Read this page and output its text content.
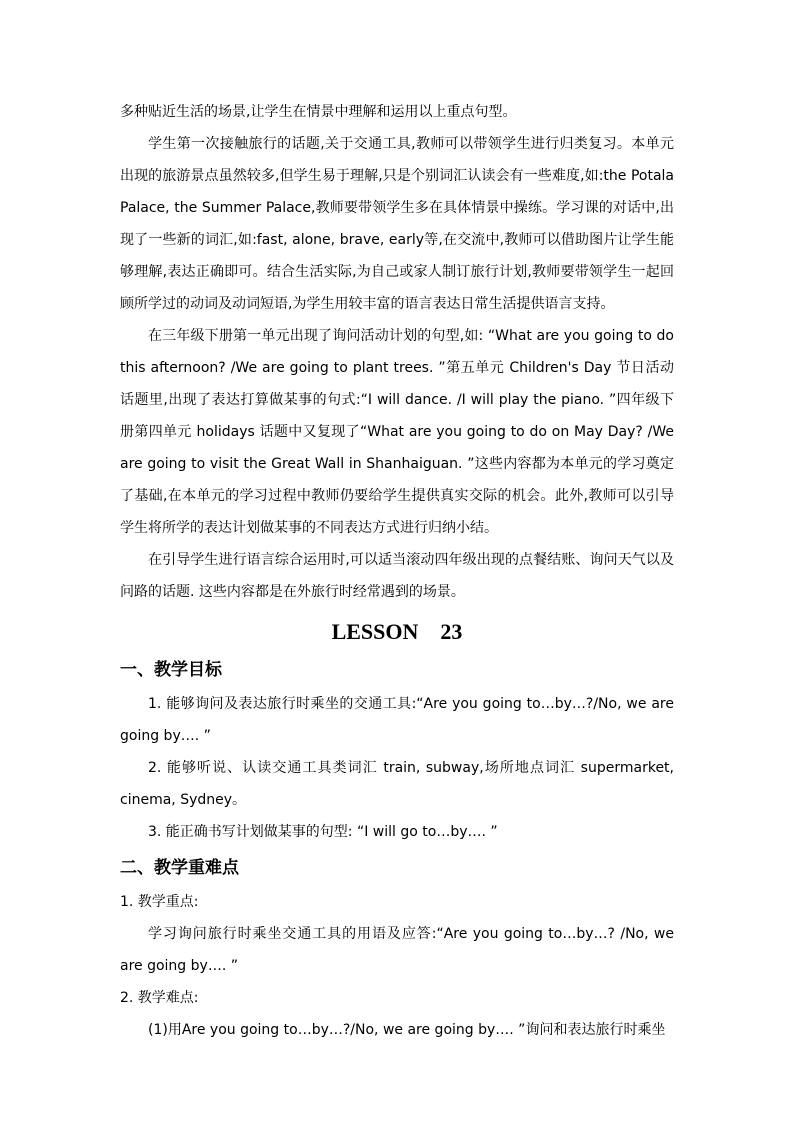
多种贴近生活的场景,让学生在情景中理解和运用以上重点句型。

学生第一次接触旅行的话题,关于交通工具,教师可以带领学生进行归类复习。本单元出现的旅游景点虽然较多,但学生易于理解,只是个别词汇认读会有一些难度,如:the Potala Palace, the Summer Palace,教师要带领学生多在具体情景中操练。学习课的对话中,出现了一些新的词汇,如:fast, alone, brave, early等,在交流中,教师可以借助图片让学生能够理解,表达正确即可。结合生活实际,为自己或家人制订旅行计划,教师要带领学生一起回顾所学过的动词及动词短语,为学生用较丰富的语言表达日常生活提供语言支持。

在三年级下册第一单元出现了询问活动计划的句型,如: “What are you going to do this afternoon? /We are going to plant trees. ”第五单元 Children's Day 节日活动话题里,出现了表达打算做某事的句式:“I will dance. /I will play the piano. ”四年级下册第四单元 holidays 话题中又复现了“What are you going to do on May Day? /We are going to visit the Great Wall in Shanhaiguan. ”这些内容都为本单元的学习奠定了基础,在本单元的学习过程中教师仍要给学生提供真实交际的机会。此外,教师可以引导学生将所学的表达计划做某事的不同表达方式进行归纳小结。

在引导学生进行语言综合运用时,可以适当滚动四年级出现的点餐结账、询问天气以及问路的话题. 这些内容都是在外旅行时经常遇到的场景。

LESSON　23
一、教学目标

1. 能够询问及表达旅行时乘坐的交通工具:“Are you going to…by…?/No, we are going by…. ”

2. 能够听说、认读交通工具类词汇 train, subway,场所地点词汇 supermarket, cinema, Sydney。

3. 能正确书写计划做某事的句型: “I will go to…by…. ”

二、教学重难点

1. 教学重点:

学习询问旅行时乘坐交通工具的用语及应答:“Are you going to…by…? /No, we are going by…. ”

2. 教学难点:

(1)用Are you going to…by…?/No, we are going by…. ”询问和表达旅行时乘坐
